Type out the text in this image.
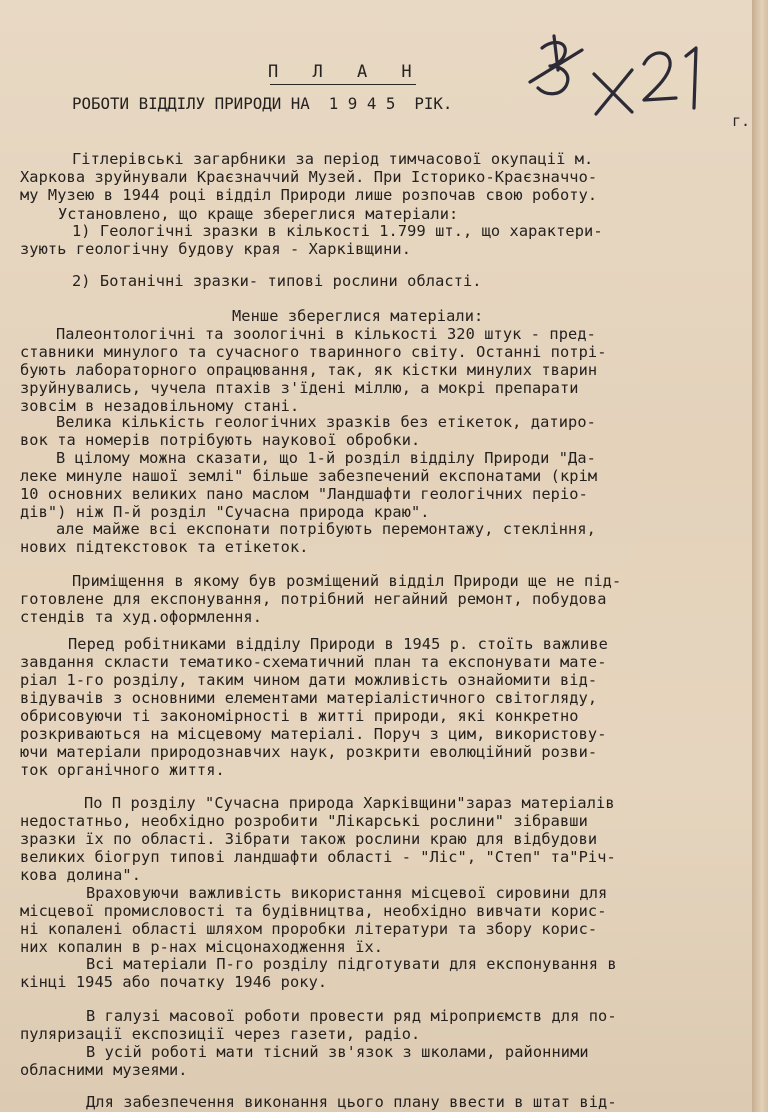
П Л А Н
РОБОТИ ВІДДІЛУ ПРИРОДИ НА  1 9 4 5  РІК.
г.
Гітлерівські загарбники за період тимчасової окупації м.
Харкова зруйнували Краєзначчий Музей. При Історико-Краєзначчо-
му Музею в 1944 році відділ Природи лише розпочав свою роботу.
Установлено, що краще збереглися матеріали:
1) Геологічні зразки в кількості 1.799 шт., що характери-
зують геологічну будову края - Харківщини.
2) Ботанічні зразки- типові рослини області.
Менше збереглися матеріали:
Палеонтологічні та зоологічні в кількості 320 штук - пред-
ставники минулого та сучасного тваринного світу. Останні потрі-
бують лабораторного опрацювання, так, як кістки минулих тварин
зруйнувались, чучела птахів з'їдені міллю, а мокрі препарати
зовсім в незадовільному стані.
Велика кількість геологічних зразків без етікеток, датиро-
вок та номерів потрібують наукової обробки.
В цілому можна сказати, що 1-й розділ відділу Природи "Да-
леке минуле нашої землі" більше забезпечений експонатами (крім
10 основних великих пано маслом "Ландшафти геологічних періо-
дів") ніж П-й розділ "Сучасна природа краю".
але майже всі експонати потрібують перемонтажу, стекління,
нових підтекстовок та етікеток.
Приміщення в якому був розміщений відділ Природи ще не під-
готовлене для експонування, потрібний негайний ремонт, побудова
стендів та худ.оформлення.
Перед робітниками відділу Природи в 1945 р. стоїть важливе
завдання скласти тематико-схематичний план та експонувати мате-
ріал 1-го розділу, таким чином дати можливість ознайомити від-
відувачів з основними елементами матеріалістичного світогляду,
обрисовуючи ті закономірності в житті природи, які конкретно
розкриваються на місцевому матеріалі. Поруч з цим, використову-
ючи матеріали природознавчих наук, розкрити еволюційний розви-
ток органічного життя.
По П розділу "Сучасна природа Харківщини"зараз матеріалів
недостатньо, необхідно розробити "Лікарські рослини" зібравши
зразки їх по області. Зібрати також рослини краю для відбудови
великих біогруп типові ландшафти області - "Ліс", "Степ" та"Річ-
кова долина".
Враховуючи важливість використання місцевої сировини для
місцевої промисловості та будівництва, необхідно вивчати корис-
ні копалені області шляхом проробки літератури та збору корис-
них копалин в р-нах місцонаходження їх.
Всі матеріали П-го розділу підготувати для експонування в
кінці 1945 або початку 1946 року.
В галузі масової роботи провести ряд міроприємств для по-
пуляризації експозиції через газети, радіо.
В усій роботі мати тісний зв'язок з школами, районними
обласними музеями.
Для забезпечення виконання цього плану ввести в штат від-
